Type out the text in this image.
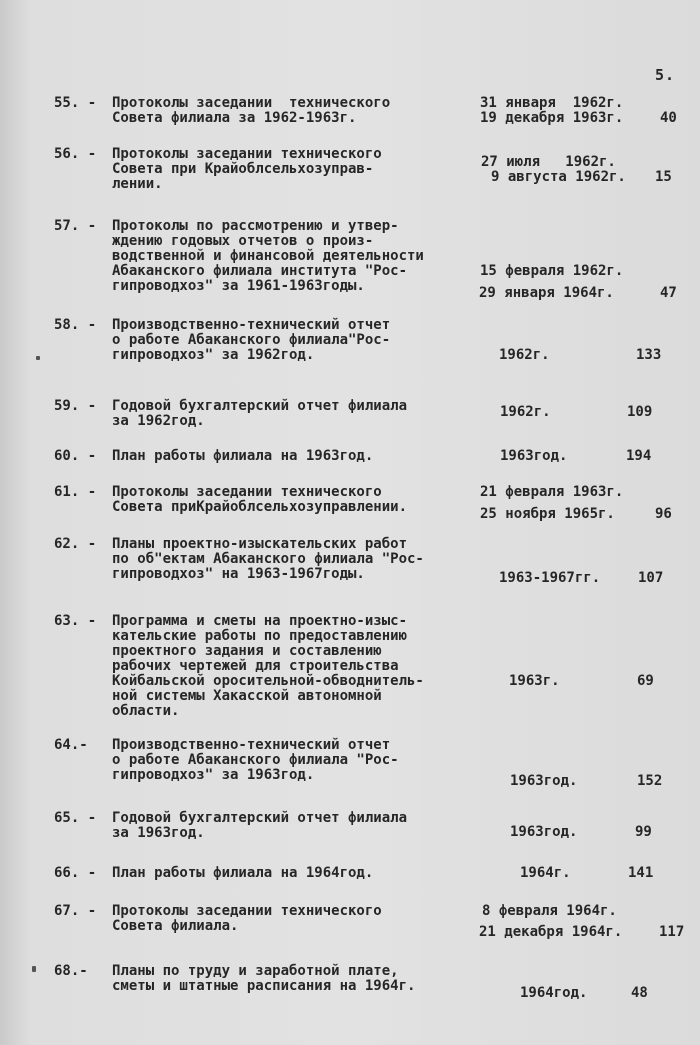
5.
55. - Протоколы заседании  технического
Совета филиала за 1962-1963г.
31 января  1962г.
19 декабря 1963г.	40
56. - Протоколы заседании технического
Совета при Крайоблсельхозуправ-
лении.
27 июля   1962г.
9 августа 1962г. 15
57. - Протоколы по рассмотрению и утвер-
ждению годовых отчетов о произ-
водственной и финансовой деятельности
Абаканского филиала института "Рос-
гипроводхоз" за 1961-1963годы.
15 февраля 1962г.
29 января 1964г.	47
58. - Производственно-технический отчет
о работе Абаканского филиала"Рос-
гипроводхоз" за 1962год.	1962г.	133
59. - Годовой бухгалтерский отчет филиала
за 1962год.
1962г.	109
60. - План работы филиала на 1963год.	1963год.	194
61. - Протоколы заседании технического
Совета приКрайоблсельхозуправлении.
21 февраля 1963г.
25 ноября 1965г.	96
62. - Планы проектно-изыскательских работ
по об"ектам Абаканского филиала "Рос-
гипроводхоз" на 1963-1967годы.	1963-1967гг.	107
63. - Программа и сметы на проектно-изыс-
кательские работы по предоставлению
проектного задания и составлению
рабочих чертежей для строительства
Койбальской оросительной-обводнитель-
ной системы Хакасской автономной
области.
1963г.	69
64.- Производственно-технический отчет
о работе Абаканского филиала "Рос-
гипроводхоз" за 1963год.	1963год.	152
65. - Годовой бухгалтерский отчет филиала
за 1963год.	1963год.	99
66. - План работы филиала на 1964год.	1964г.	141
67. - Протоколы заседании технического
Совета филиала.
8 февраля 1964г.
21 декабря 1964г.	117
68.- Планы по труду и заработной плате,
сметы и штатные расписания на 1964г.	1964год.	48
